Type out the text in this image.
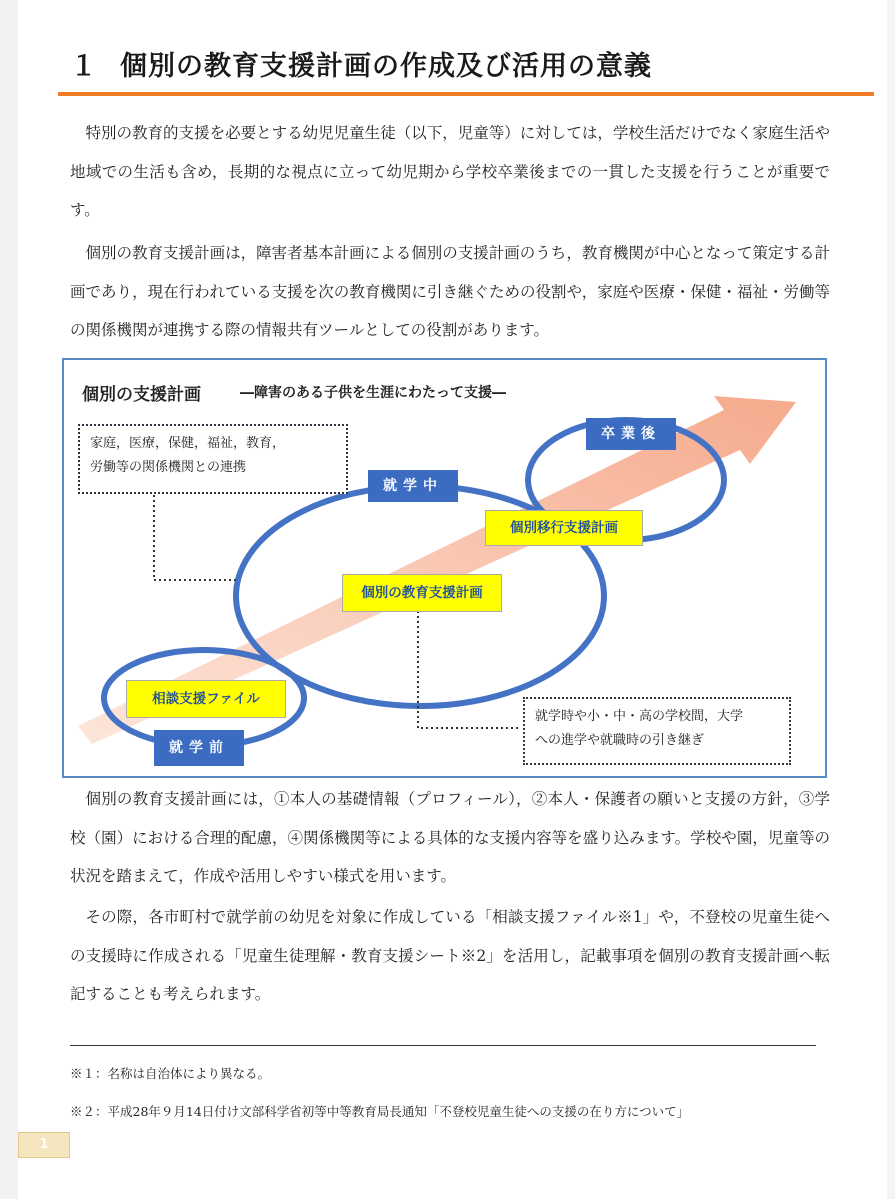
１ 個別の教育支援計画の作成及び活用の意義
特別の教育的支援を必要とする幼児児童生徒（以下，児童等）に対しては，学校生活だけでなく家庭生活や地域での生活も含め，長期的な視点に立って幼児期から学校卒業後までの一貫した支援を行うことが重要です。
個別の教育支援計画は，障害者基本計画による個別の支援計画のうち，教育機関が中心となって策定する計画であり，現在行われている支援を次の教育機関に引き継ぐための役割や，家庭や医療・保健・福祉・労働等の関係機関が連携する際の情報共有ツールとしての役割があります。
個別の支援計画	―障害のある子供を生涯にわたって支援―
家庭，医療，保健，福祉，教育，
労働等の関係機関との連携
就学時や小・中・高の学校間，大学
への進学や就職時の引き継ぎ
卒業後
就学中
就学前
個別移行支援計画
個別の教育支援計画
相談支援ファイル
個別の教育支援計画には，①本人の基礎情報（プロフィール），②本人・保護者の願いと支援の方針，③学校（園）における合理的配慮，④関係機関等による具体的な支援内容等を盛り込みます。学校や園，児童等の状況を踏まえて，作成や活用しやすい様式を用います。
その際，各市町村で就学前の幼児を対象に作成している「相談支援ファイル※1」や，不登校の児童生徒への支援時に作成される「児童生徒理解・教育支援シート※2」を活用し，記載事項を個別の教育支援計画へ転記することも考えられます。
※１：名称は自治体により異なる。
※２：平成28年９月14日付け文部科学省初等中等教育局長通知「不登校児童生徒への支援の在り方について」
1
